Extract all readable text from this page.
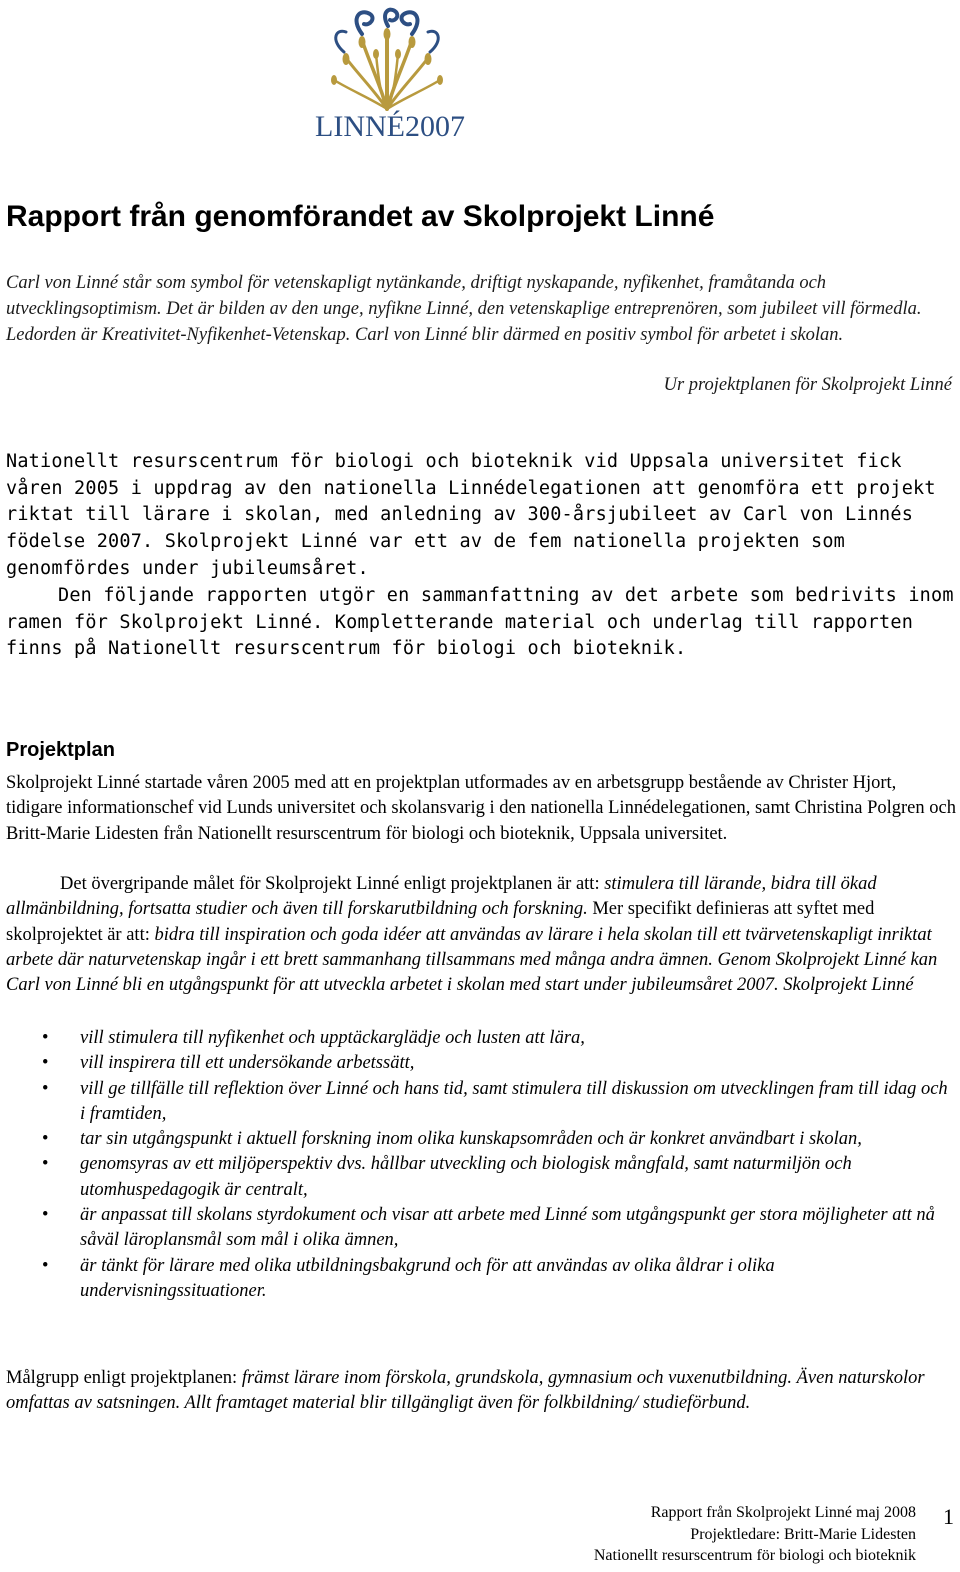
LINNÉ2007
Rapport från genomförandet av Skolprojekt Linné

Carl von Linné står som symbol för vetenskapligt nytänkande, driftigt nyskapande, nyfikenhet, framåtanda och utvecklingsoptimism. Det är bilden av den unge, nyfikne Linné, den vetenskaplige entreprenören, som jubileet vill förmedla. Ledorden är Kreativitet-Nyfikenhet-Vetenskap. Carl von Linné blir därmed en positiv symbol för arbetet i skolan.

Ur projektplanen för Skolprojekt Linné

Nationellt resurscentrum för biologi och bioteknik vid Uppsala universitet fick våren 2005 i uppdrag av den nationella Linnédelegationen att genomföra ett projekt riktat till lärare i skolan, med anledning av 300-årsjubileet av Carl von Linnés födelse 2007. Skolprojekt Linné var ett av de fem nationella projekten som genomfördes under jubileumsåret.

Den följande rapporten utgör en sammanfattning av det arbete som bedrivits inom ramen för Skolprojekt Linné. Kompletterande material och underlag till rapporten finns på Nationellt resurscentrum för biologi och bioteknik.

Projektplan

Skolprojekt Linné startade våren 2005 med att en projektplan utformades av en arbetsgrupp bestående av Christer Hjort, tidigare informationschef vid Lunds universitet och skolansvarig i den nationella Linnédelegationen, samt Christina Polgren och Britt-Marie Lidesten från Nationellt resurscentrum för biologi och bioteknik, Uppsala universitet.

Det övergripande målet för Skolprojekt Linné enligt projektplanen är att: stimulera till lärande, bidra till ökad allmänbildning, fortsatta studier och även till forskarutbildning och forskning. Mer specifikt definieras att syftet med skolprojektet är att: bidra till inspiration och goda idéer att användas av lärare i hela skolan till ett tvärvetenskapligt inriktat arbete där naturvetenskap ingår i ett brett sammanhang tillsammans med många andra ämnen. Genom Skolprojekt Linné kan Carl von Linné bli en utgångspunkt för att utveckla arbetet i skolan med start under jubileumsåret 2007. Skolprojekt Linné

• vill stimulera till nyfikenhet och upptäckarglädje och lusten att lära,
• vill inspirera till ett undersökande arbetssätt,
• vill ge tillfälle till reflektion över Linné och hans tid, samt stimulera till diskussion om utvecklingen fram till idag och i framtiden,
• tar sin utgångspunkt i aktuell forskning inom olika kunskapsområden och är konkret användbart i skolan,
• genomsyras av ett miljöperspektiv dvs. hållbar utveckling och biologisk mångfald, samt naturmiljön och utomhuspedagogik är centralt,
• är anpassat till skolans styrdokument och visar att arbete med Linné som utgångspunkt ger stora möjligheter att nå såväl läroplansmål som mål i olika ämnen,
• är tänkt för lärare med olika utbildningsbakgrund och för att användas av olika åldrar i olika undervisningssituationer.

Målgrupp enligt projektplanen: främst lärare inom förskola, grundskola, gymnasium och vuxenutbildning. Även naturskolor omfattas av satsningen. Allt framtaget material blir tillgängligt även för folkbildning/ studieförbund.

Rapport från Skolprojekt Linné maj 2008
Projektledare: Britt-Marie Lidesten
Nationellt resurscentrum för biologi och bioteknik
1
